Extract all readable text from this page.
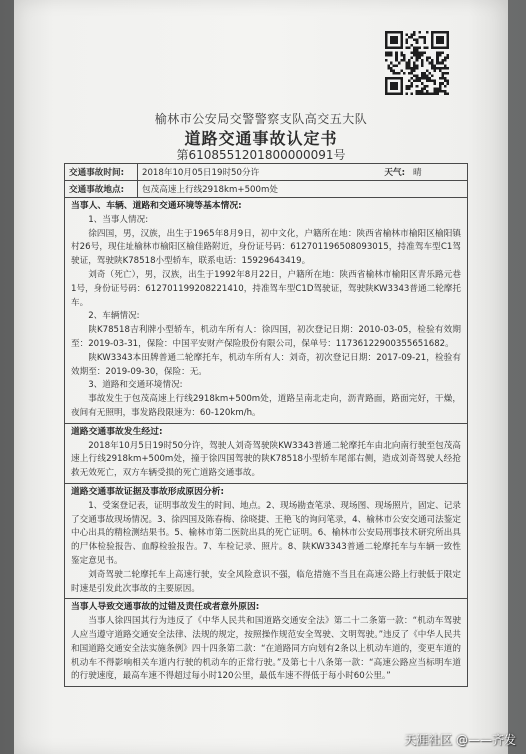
榆林市公安局交警警察支队高交五大队
道路交通事故认定书
第6108551201800000091号
交通事故时间:	2018年10月05日19时50分许	天气:	晴
交通事故地点:	包茂高速上行线2918km+500m处		
当事人、车辆、道路和交通环境等基本情况:
1、当事人情况:

徐四国，男，汉族，出生于1965年8月9日，初中文化，户籍所在地：陕西省榆林市榆阳区榆阳镇村26号，现住址榆林市榆阳区榆佳路附近，身份证号码：612701196508093015，持准驾车型C1驾驶证，驾驶陕K78518小型轿车，联系电话：15929643419。

刘奇（死亡），男，汉族，出生于1992年8月22日，户籍所在地：陕西省榆林市榆阳区青乐路元巷1号，身份证号码：612701199208221410，持准驾车型C1D驾驶证，驾驶陕KW3343普通二轮摩托车。

2、车辆情况:

陕K78518吉利牌小型轿车，机动车所有人：徐四国，初次登记日期：2010-03-05，检验有效期至：2019-03-31，保险：中国平安财产保险股份有限公司，保单号：11736122900355651682。

陕KW3343本田牌普通二轮摩托车，机动车所有人：刘奇，初次登记日期：2017-09-21，检验有效期至：2019-09-30，保险：无。

3、道路和交通环境情况:

事故发生于包茂高速上行线2918km+500m处，道路呈南北走向，沥青路面，路面完好，干燥，夜间有无照明，事发路段限速为：60-120km/h。

道路交通事故发生经过:

2018年10月5日19时50分许，驾驶人刘奇驾驶陕KW3343普通二轮摩托车由北向南行驶至包茂高速上行线2918km+500m处，撞于徐四国驾驶的陕K78518小型轿车尾部右侧，造成刘奇驾驶人经抢救无效死亡，双方车辆受损的死亡道路交通事故。

道路交通事故证据及事故形成原因分析:

1、受案登记表，证明事故发生的时间、地点。2、现场勘查笔录、现场图、现场照片，固定、记录了交通事故现场情况。3、徐四国及陈春梅、徐晓捷、王艳飞的询问笔录，4、榆林市公安交通司法鉴定中心出具的精检测结果书。5、榆林市第二医院出具的死亡证明。6、榆林市公安局刑事技术研究所出具的尸体检验报告、血醇检验报告。7、车检记录、照片。8、陕KW3343普通二轮摩托车与车辆一致性鉴定意见书。

刘奇驾驶二轮摩托车上高速行驶，安全风险意识不强，临危措施不当且在高速公路上行驶低于限定时速是引发此次事故的主要原因。

当事人导致交通事故的过错及责任或者意外原因:

当事人徐四国其行为违反了《中华人民共和国道路交通安全法》第二十二条第一款：“机动车驾驶人应当遵守道路交通安全法律、法规的规定，按照操作规范安全驾驶、文明驾驶。”违反了《中华人民共和国道路交通安全法实施条例》四十四条第二款：“在道路同方向划有2条以上机动车道的，变更车道的机动车不得影响相关车道内行驶的机动车的正常行驶。”及第七十八条第一款：“高速公路应当标明车道的行驶速度，最高车速不得超过每小时120公里，最低车速不得低于每小时60公里。”

天涯社区 @——齐发
